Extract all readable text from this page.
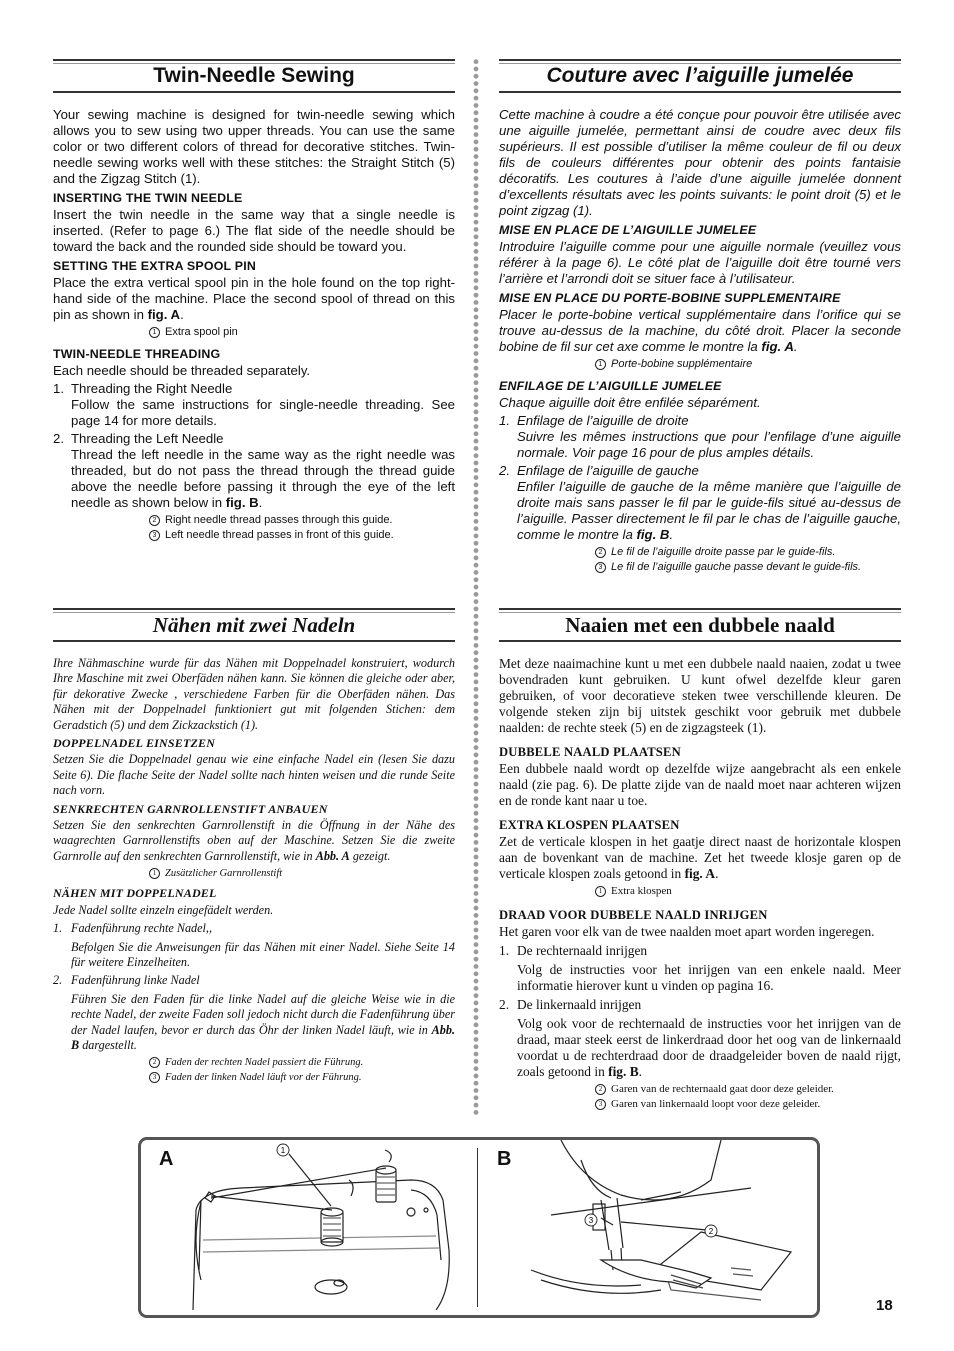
Twin-Needle Sewing

Your sewing machine is designed for twin-needle sewing which allows you to sew using two upper threads. You can use the same color or two different colors of thread for decorative stitches. Twin-needle sewing works well with these stitches: the Straight Stitch (5) and the Zigzag Stitch (1).

INSERTING THE TWIN NEEDLE

Insert the twin needle in the same way that a single needle is inserted. (Refer to page 6.) The flat side of the needle should be toward the back and the rounded side should be toward you.

SETTING THE EXTRA SPOOL PIN

Place the extra vertical spool pin in the hole found on the top right-hand side of the machine. Place the second spool of thread on this pin as shown in fig. A.

1 Extra spool pin
TWIN-NEEDLE THREADING

Each needle should be threaded separately.

1. Threading the Right Needle

Follow the same instructions for single-needle threading. See page 14 for more details.

2. Threading the Left Needle

Thread the left needle in the same way as the right needle was threaded, but do not pass the thread through the thread guide above the needle before passing it through the eye of the left needle as shown below in fig. B.

2 Right needle thread passes through this guide.
3 Left needle thread passes in front of this guide.
Couture avec l’aiguille jumelée

Cette machine à coudre a été conçue pour pouvoir être utilisée avec une aiguille jumelée, permettant ainsi de coudre avec deux fils supérieurs. Il est possible d’utiliser la même couleur de fil ou deux fils de couleurs différentes pour obtenir des points fantaisie décoratifs. Les coutures à l’aide d’une aiguille jumelée donnent d’excellents résultats avec les points suivants: le point droit (5) et le point zigzag (1).

MISE EN PLACE DE L’AIGUILLE JUMELEE

Introduire l’aiguille comme pour une aiguille normale (veuillez vous référer à la page 6). Le côté plat de l’aiguille doit être tourné vers l’arrière et l’arrondi doit se situer face à l’utilisateur.

MISE EN PLACE DU PORTE-BOBINE SUPPLEMENTAIRE

Placer le porte-bobine vertical supplémentaire dans l’orifice qui se trouve au-dessus de la machine, du côté droit. Placer la seconde bobine de fil sur cet axe comme le montre la fig. A.

1 Porte-bobine supplémentaire
ENFILAGE DE L’AIGUILLE JUMELEE

Chaque aiguille doit être enfilée séparément.

1. Enfilage de l’aiguille de droite

Suivre les mêmes instructions que pour l’enfilage d’une aiguille normale. Voir page 16 pour de plus amples détails.

2. Enfilage de l’aiguille de gauche

Enfiler l’aiguille de gauche de la même manière que l’aiguille de droite mais sans passer le fil par le guide-fils situé au-dessus de l’aiguille. Passer directement le fil par le chas de l’aiguille gauche, comme le montre la fig. B.

2 Le fil de l’aiguille droite passe par le guide-fils.
3 Le fil de l’aiguille gauche passe devant le guide-fils.
Nähen mit zwei Nadeln

Ihre Nähmaschine wurde für das Nähen mit Doppelnadel konstruiert, wodurch Ihre Maschine mit zwei Oberfäden nähen kann. Sie können die gleiche oder aber, für dekorative Zwecke , verschiedene Farben für die Oberfäden nähen. Das Nähen mit der Doppelnadel funktioniert gut mit folgenden Stichen: dem Geradstich (5) und dem Zickzackstich (1).

DOPPELNADEL EINSETZEN

Setzen Sie die Doppelnadel genau wie eine einfache Nadel ein (lesen Sie dazu Seite 6). Die flache Seite der Nadel sollte nach hinten weisen und die runde Seite nach vorn.

SENKRECHTEN GARNROLLENSTIFT ANBAUEN

Setzen Sie den senkrechten Garnrollenstift in die Öffnung in der Nähe des waagrechten Garnrollenstifts oben auf der Maschine. Setzen Sie die zweite Garnrolle auf den senkrechten Garnrollenstift, wie in Abb. A gezeigt.

1 Zusätzlicher Garnrollenstift
NÄHEN MIT DOPPELNADEL

Jede Nadel sollte einzeln eingefädelt werden.

1. Fadenführung rechte Nadel,,

Befolgen Sie die Anweisungen für das Nähen mit einer Nadel. Siehe Seite 14 für weitere Einzelheiten.

2. Fadenführung linke Nadel

Führen Sie den Faden für die linke Nadel auf die gleiche Weise wie in die rechte Nadel, der zweite Faden soll jedoch nicht durch die Fadenführung über der Nadel laufen, bevor er durch das Öhr der linken Nadel läuft, wie in Abb. B dargestellt.

2 Faden der rechten Nadel passiert die Führung.
3 Faden der linken Nadel läuft vor der Führung.
Naaien met een dubbele naald

Met deze naaimachine kunt u met een dubbele naald naaien, zodat u twee bovendraden kunt gebruiken. U kunt ofwel dezelfde kleur garen gebruiken, of voor decoratieve steken twee verschillende kleuren. De volgende steken zijn bij uitstek geschikt voor gebruik met dubbele naalden: de rechte steek (5) en de zigzagsteek (1).

DUBBELE NAALD PLAATSEN

Een dubbele naald wordt op dezelfde wijze aangebracht als een enkele naald (zie pag. 6). De platte zijde van de naald moet naar achteren wijzen en de ronde kant naar u toe.

EXTRA KLOSPEN PLAATSEN

Zet de verticale klospen in het gaatje direct naast de horizontale klospen aan de bovenkant van de machine. Zet het tweede klosje garen op de verticale klospen zoals getoond in fig. A.

1 Extra klospen
DRAAD VOOR DUBBELE NAALD INRIJGEN

Het garen voor elk van de twee naalden moet apart worden ingeregen.

1. De rechternaald inrijgen

Volg de instructies voor het inrijgen van een enkele naald. Meer informatie hierover kunt u vinden op pagina 16.

2. De linkernaald inrijgen

Volg ook voor de rechternaald de instructies voor het inrijgen van de draad, maar steek eerst de linkerdraad door het oog van de linkernaald voordat u de rechterdraad door de draadgeleider boven de naald rijgt, zoals getoond in fig. B.

2 Garen van de rechternaald gaat door deze geleider.
3 Garen van linkernaald loopt voor deze geleider.
A	B
1
3
2
18
